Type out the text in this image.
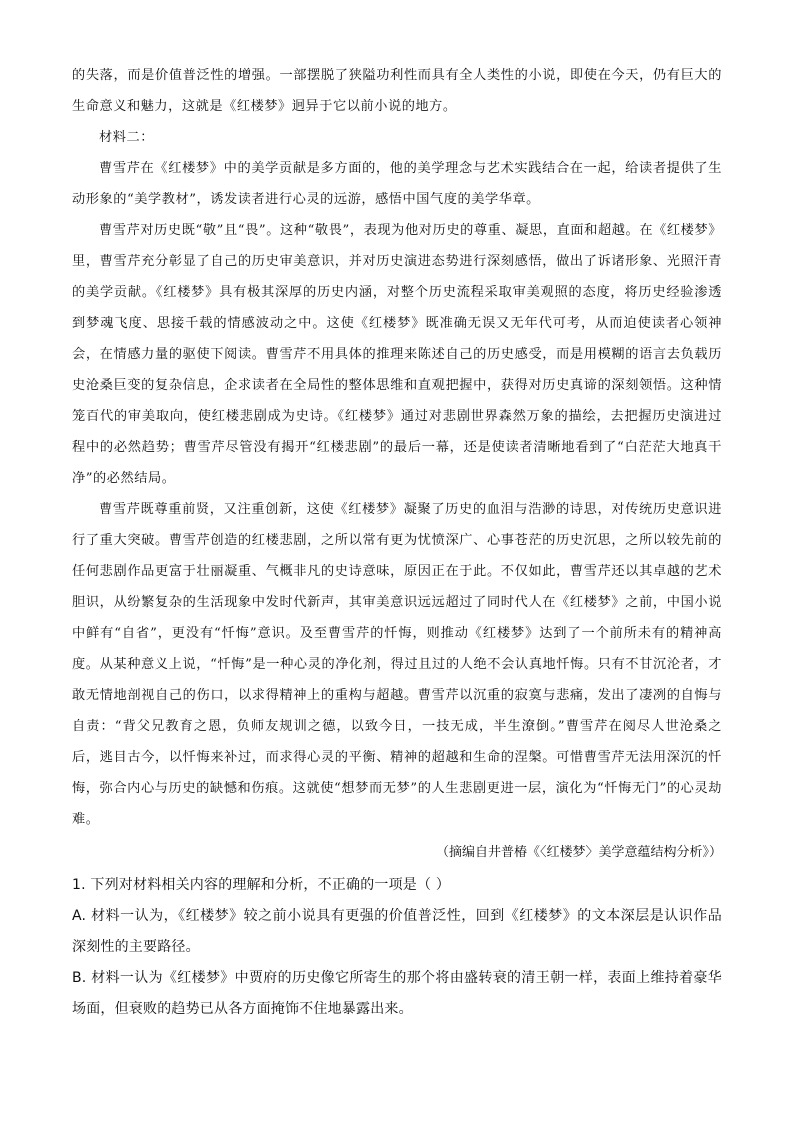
的失落，而是价值普泛性的增强。一部摆脱了狭隘功利性而具有全人类性的小说，即使在今天，仍有巨大的生命意义和魅力，这就是《红楼梦》迥异于它以前小说的地方。

材料二：

曹雪芹在《红楼梦》中的美学贡献是多方面的，他的美学理念与艺术实践结合在一起，给读者提供了生动形象的“美学教材”，诱发读者进行心灵的远游，感悟中国气度的美学华章。

曹雪芹对历史既“敬”且“畏”。这种“敬畏”，表现为他对历史的尊重、凝思，直面和超越。在《红楼梦》里，曹雪芹充分彰显了自己的历史审美意识，并对历史演进态势进行深刻感悟，做出了诉诸形象、光照汗青的美学贡献。《红楼梦》具有极其深厚的历史内涵，对整个历史流程采取审美观照的态度，将历史经验渗透到梦魂飞度、思接千载的情感波动之中。这使《红楼梦》既准确无误又无年代可考，从而迫使读者心领神会，在情感力量的驱使下阅读。曹雪芹不用具体的推理来陈述自己的历史感受，而是用模糊的语言去负载历史沧桑巨变的复杂信息，企求读者在全局性的整体思维和直观把握中，获得对历史真谛的深刻领悟。这种情笼百代的审美取向，使红楼悲剧成为史诗。《红楼梦》通过对悲剧世界森然万象的描绘，去把握历史演进过程中的必然趋势；曹雪芹尽管没有揭开“红楼悲剧”的最后一幕，还是使读者清晰地看到了“白茫茫大地真干净”的必然结局。

曹雪芹既尊重前贤，又注重创新，这使《红楼梦》凝聚了历史的血泪与浩渺的诗思，对传统历史意识进行了重大突破。曹雪芹创造的红楼悲剧，之所以常有更为忧愤深广、心事苍茫的历史沉思，之所以较先前的任何悲剧作品更富于壮丽凝重、气概非凡的史诗意味，原因正在于此。不仅如此，曹雪芹还以其卓越的艺术胆识，从纷繁复杂的生活现象中发时代新声，其审美意识远远超过了同时代人在《红楼梦》之前，中国小说中鲜有“自省”，更没有“忏悔”意识。及至曹雪芹的忏悔，则推动《红楼梦》达到了一个前所未有的精神高度。从某种意义上说，“忏悔”是一种心灵的净化剂，得过且过的人绝不会认真地忏悔。只有不甘沉沦者，才敢无情地剖视自己的伤口，以求得精神上的重构与超越。曹雪芹以沉重的寂寞与悲痛，发出了凄冽的自悔与自责：“背父兄教育之恩，负师友规训之德，以致今日，一技无成，半生潦倒。”曹雪芹在阅尽人世沧桑之后，逃目古今，以忏悔来补过，而求得心灵的平衡、精神的超越和生命的涅槃。可惜曹雪芹无法用深沉的忏悔，弥合内心与历史的缺憾和伤痕。这就使“想梦而无梦”的人生悲剧更进一层，演化为“忏悔无门”的心灵劫难。

（摘编自井普椿《〈红楼梦〉美学意蕴结构分析》）

1. 下列对材料相关内容的理解和分析，不正确的一项是（ ）

A. 材料一认为，《红楼梦》较之前小说具有更强的价值普泛性，回到《红楼梦》的文本深层是认识作品深刻性的主要路径。

B. 材料一认为《红楼梦》中贾府的历史像它所寄生的那个将由盛转衰的清王朝一样，表面上维持着豪华场面，但衰败的趋势已从各方面掩饰不住地暴露出来。
